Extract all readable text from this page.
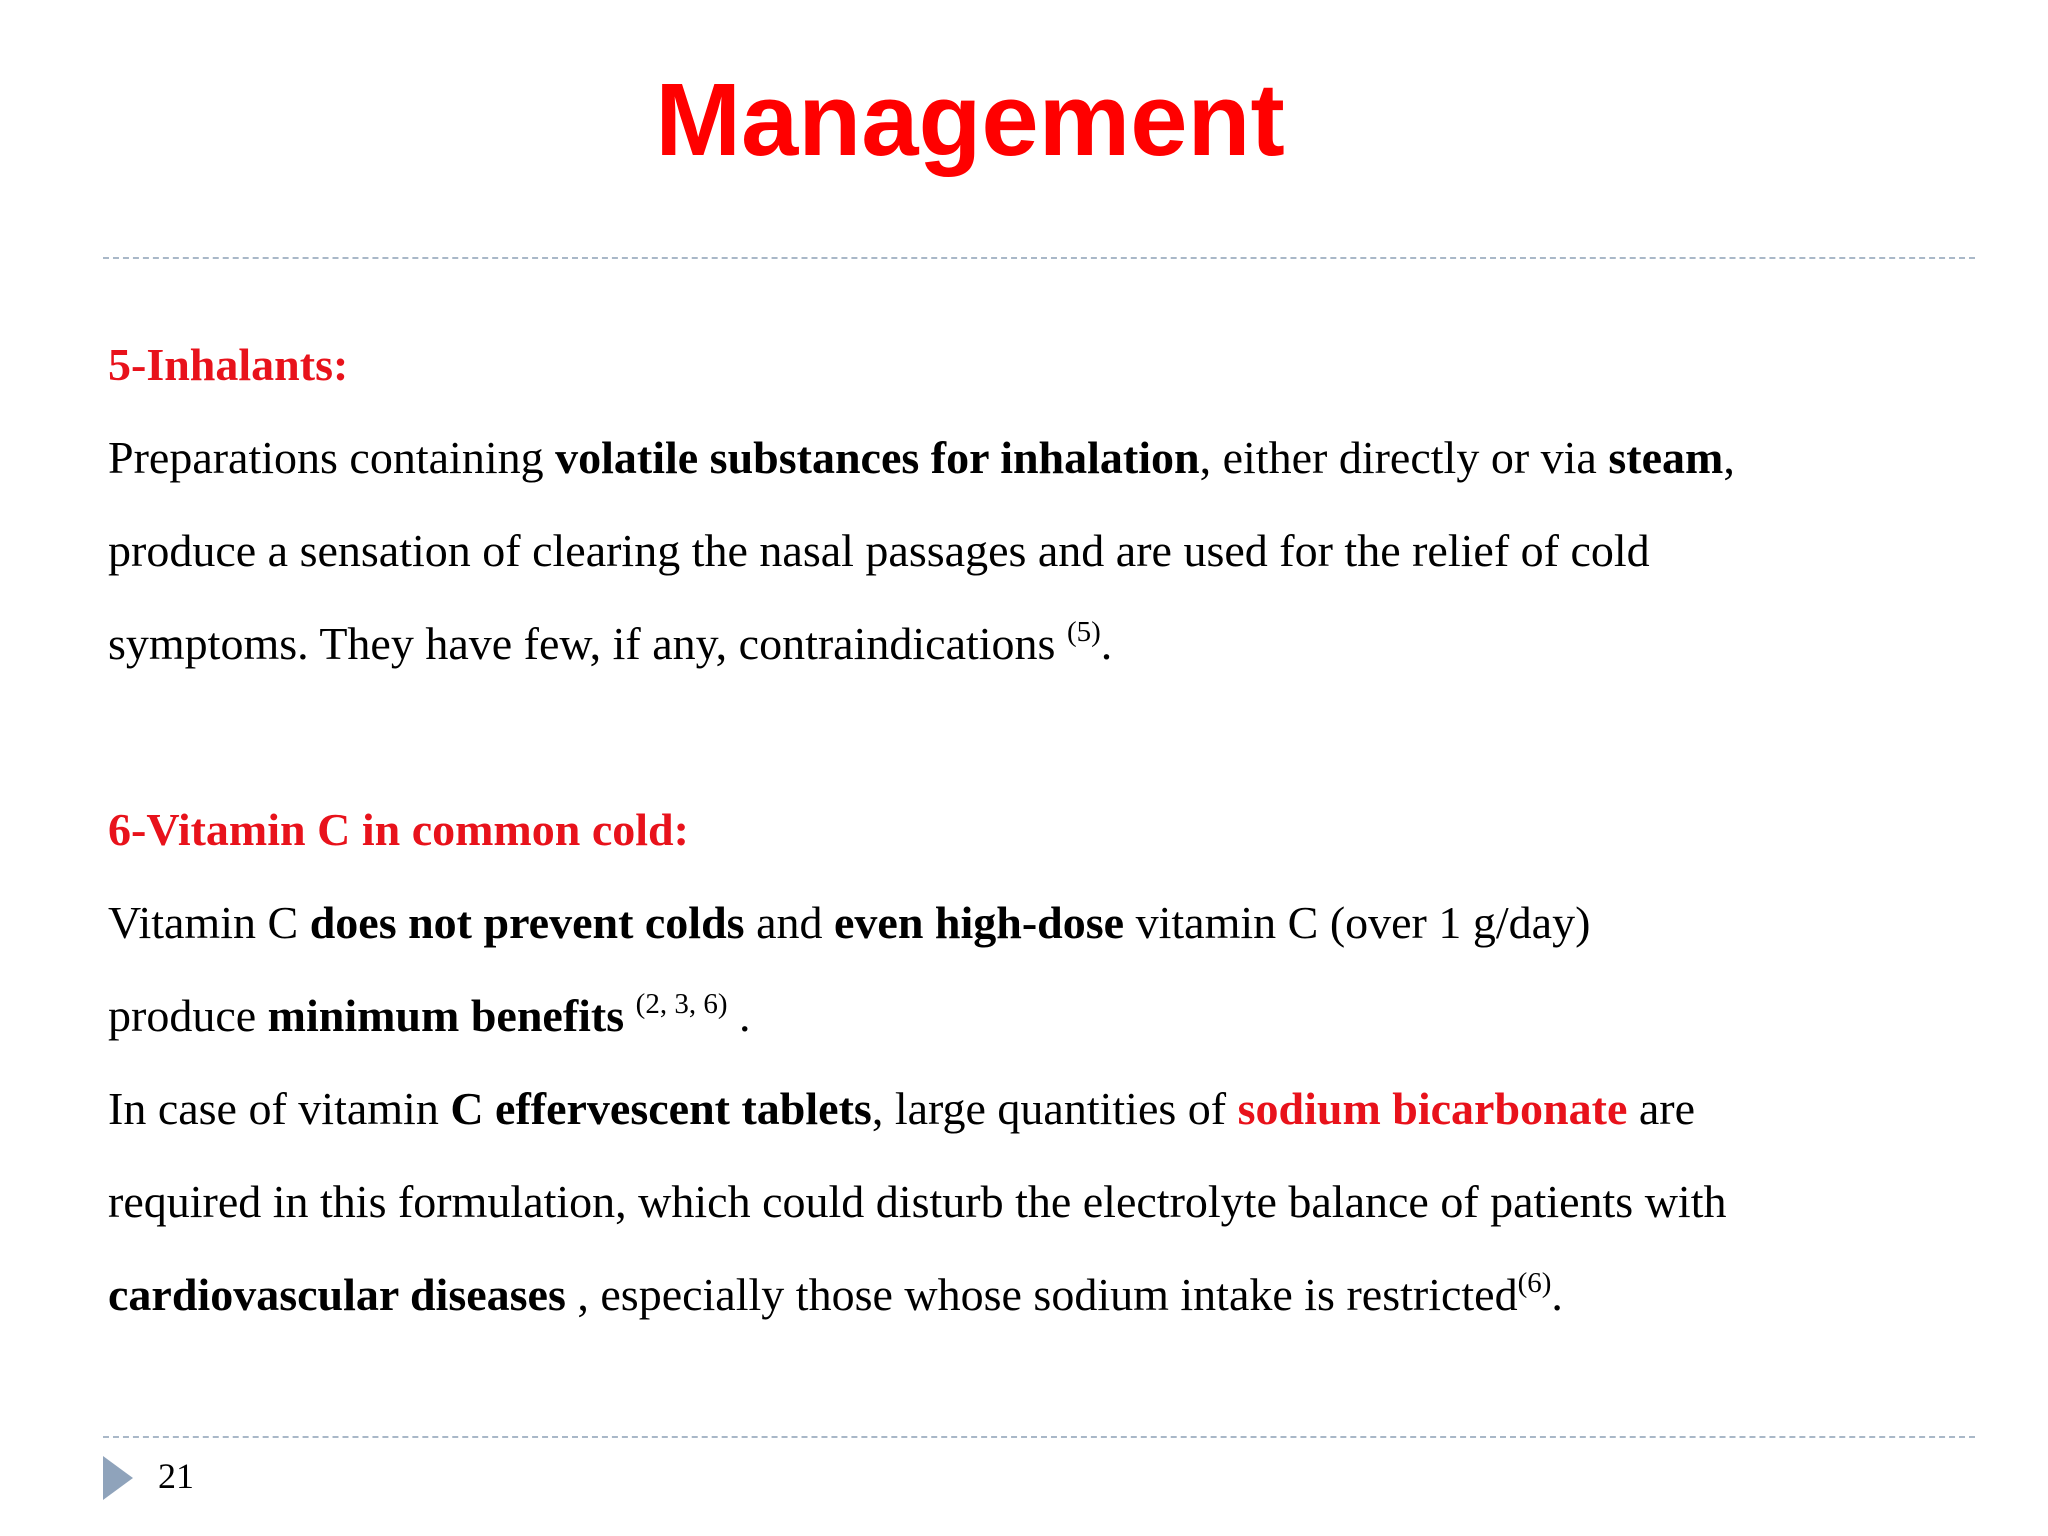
Management
5-Inhalants:
Preparations containing volatile substances for inhalation, either directly or via steam,
produce a sensation of clearing the nasal passages and are used for the relief of cold
symptoms. They have few, if any, contraindications $^{(5)}$.
6-Vitamin C in common cold:
Vitamin C does not prevent colds and even high-dose vitamin C (over 1 g/day)
produce minimum benefits $^{(2, 3, 6)}$ .
In case of vitamin C effervescent tablets, large quantities of sodium bicarbonate are
required in this formulation, which could disturb the electrolyte balance of patients with
cardiovascular diseases , especially those whose sodium intake is restricted$^{(6)}$.
21
